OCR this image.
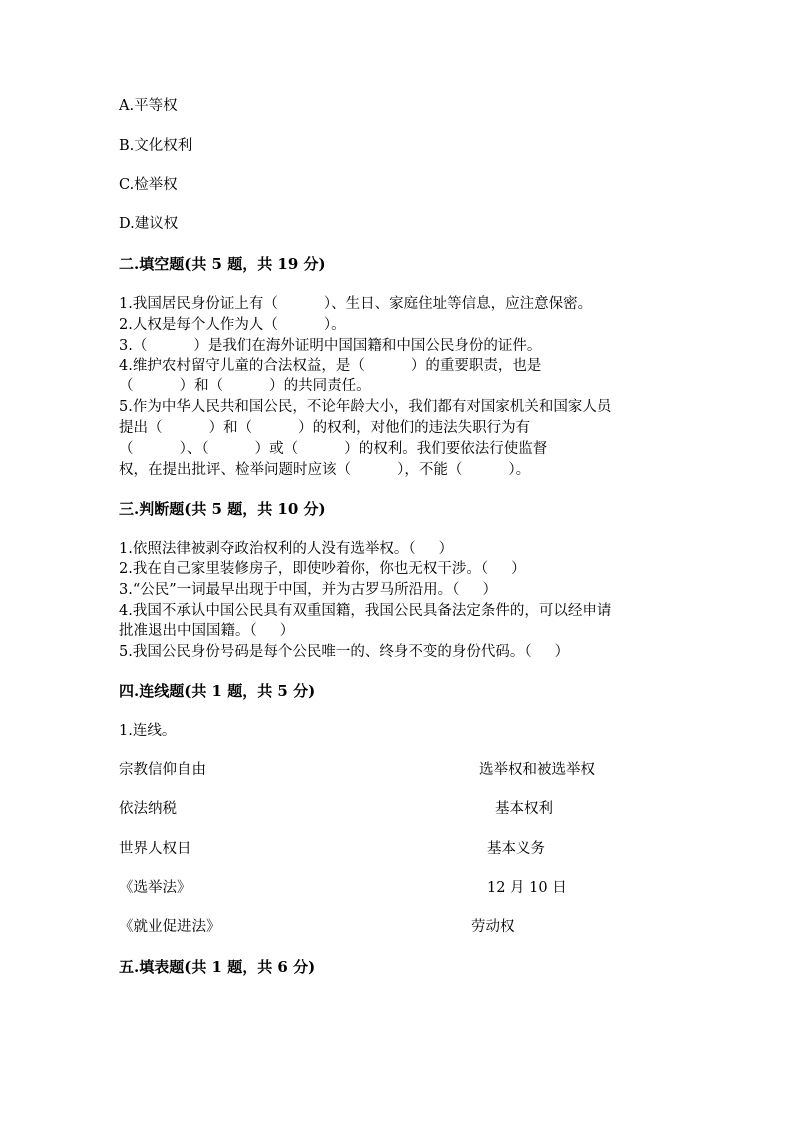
A.平等权
B.文化权利
C.检举权
D.建议权
二.填空题(共 5 题，共 19 分)
1.我国居民身份证上有（          ）、生日、家庭住址等信息，应注意保密。
2.人权是每个人作为人（          ）。
3.（          ）是我们在海外证明中国国籍和中国公民身份的证件。
4.维护农村留守儿童的合法权益，是（          ）的重要职责，也是
（          ）和（          ）的共同责任。
5.作为中华人民共和国公民，不论年龄大小，我们都有对国家机关和国家人员
提出（          ）和（          ）的权利，对他们的违法失职行为有
（          ）、（          ）或（          ）的权利。我们要依法行使监督
权，在提出批评、检举问题时应该（          ），不能（          ）。
三.判断题(共 5 题，共 10 分)
1.依照法律被剥夺政治权利的人没有选举权。（     ）
2.我在自己家里装修房子，即使吵着你，你也无权干涉。（     ）
3.“公民”一词最早出现于中国，并为古罗马所沿用。（     ）
4.我国不承认中国公民具有双重国籍，我国公民具备法定条件的，可以经申请
批准退出中国国籍。（     ）
5.我国公民身份号码是每个公民唯一的、终身不变的身份代码。（     ）
四.连线题(共 1 题，共 5 分)
1.连线。
宗教信仰自由	选举权和被选举权
依法纳税	基本权利
世界人权日	基本义务
《选举法》	12 月 10 日
《就业促进法》	劳动权
五.填表题(共 1 题，共 6 分)
